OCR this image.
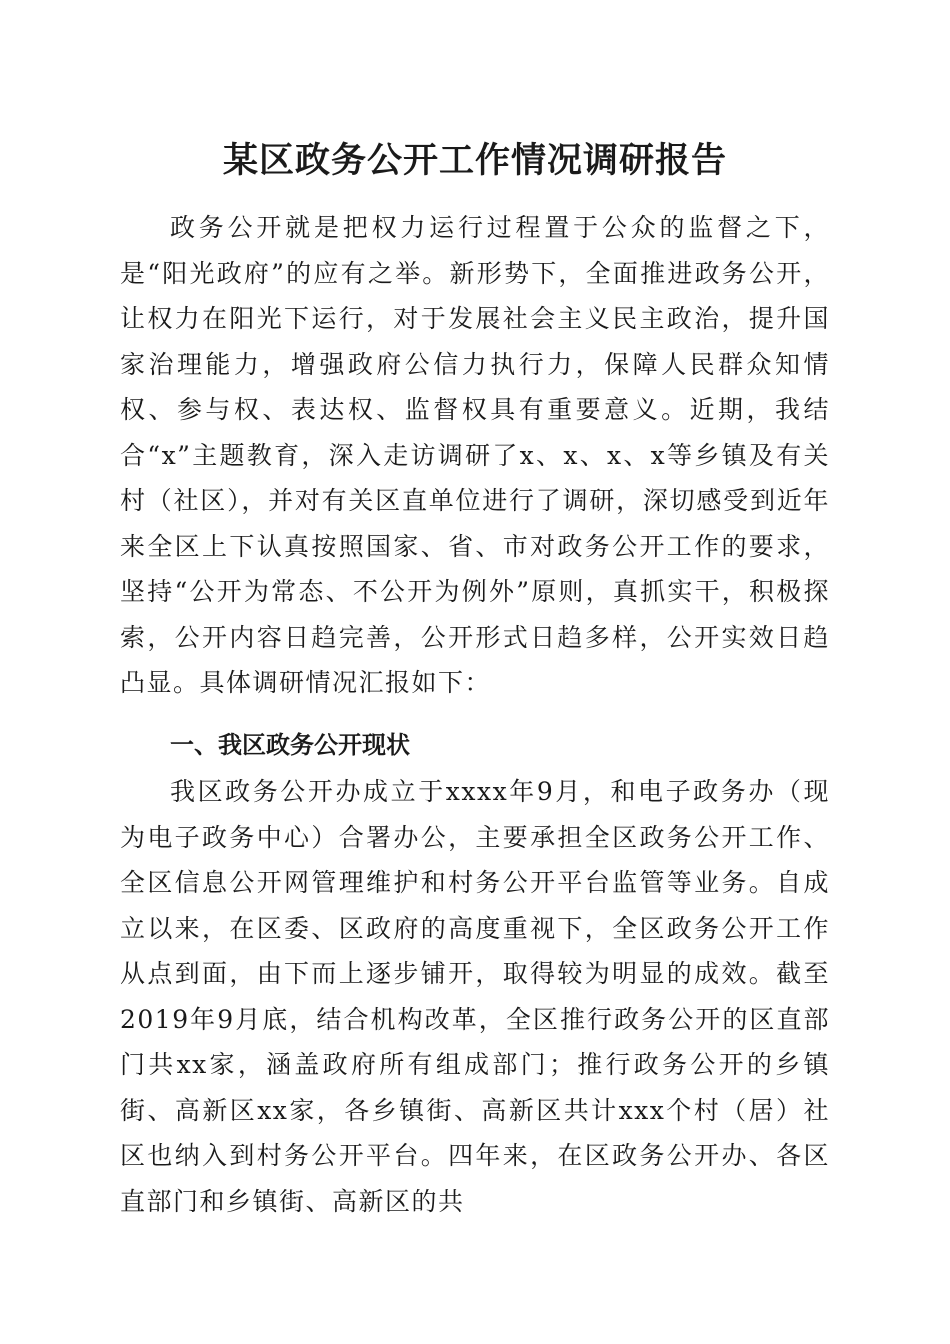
某区政务公开工作情况调研报告

政务公开就是把权力运行过程置于公众的监督之下，是“阳光政府”的应有之举。新形势下，全面推进政务公开，让权力在阳光下运行，对于发展社会主义民主政治，提升国家治理能力，增强政府公信力执行力，保障人民群众知情权、参与权、表达权、监督权具有重要意义。近期，我结合“x”主题教育，深入走访调研了x、x、x、x等乡镇及有关村（社区），并对有关区直单位进行了调研，深切感受到近年来全区上下认真按照国家、省、市对政务公开工作的要求，坚持“公开为常态、不公开为例外”原则，真抓实干，积极探索，公开内容日趋完善，公开形式日趋多样，公开实效日趋凸显。具体调研情况汇报如下：

一、我区政务公开现状

我区政务公开办成立于xxxx年9月，和电子政务办（现为电子政务中心）合署办公，主要承担全区政务公开工作、全区信息公开网管理维护和村务公开平台监管等业务。自成立以来，在区委、区政府的高度重视下，全区政务公开工作从点到面，由下而上逐步铺开，取得较为明显的成效。截至2019年9月底，结合机构改革，全区推行政务公开的区直部门共xx家，涵盖政府所有组成部门；推行政务公开的乡镇街、高新区xx家，各乡镇街、高新区共计xxx个村（居）社区也纳入到村务公开平台。四年来，在区政务公开办、各区直部门和乡镇街、高新区的共
